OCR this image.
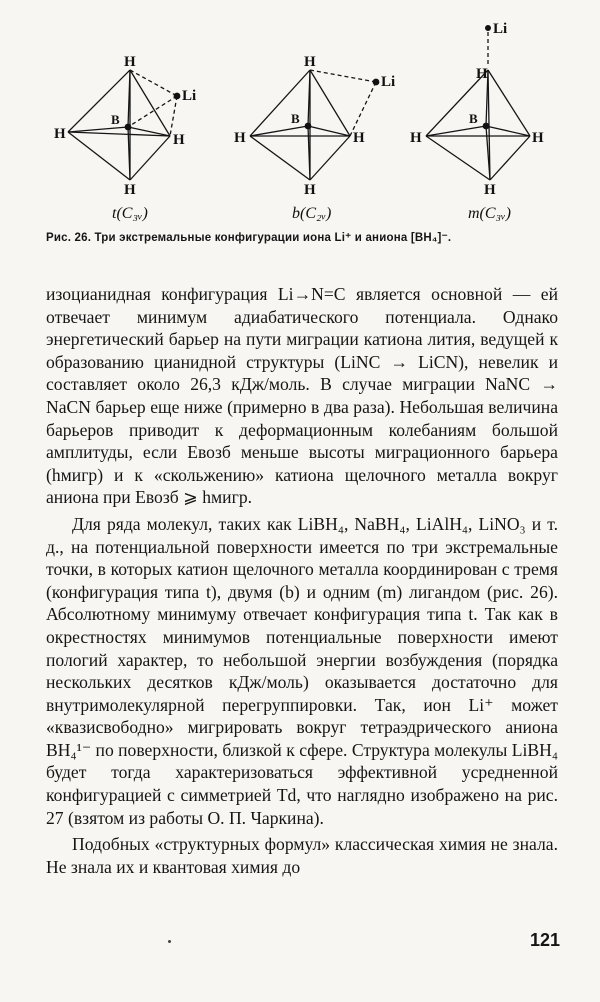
H
Li
B
H	H
H
t(C₃ᵥ)
H
Li
B
H	H
H
b(C₂ᵥ)
Li
H
B
H	H
H
m(C₃ᵥ)
Рис. 26. Три экстремальные конфигурации иона Li⁺ и аниона [BH₄]⁻.

изоцианидная конфигурация Li→N=C является основной — ей отвечает минимум адиабатического потенциала. Однако энергетический барьер на пути миграции катиона лития, ведущей к образованию цианидной структуры (LiNC → LiCN), невелик и составляет около 26,3 кДж/моль. В случае миграции NaNC → NaCN барьер еще ниже (примерно в два раза). Небольшая величина барьеров приводит к деформационным колебаниям большой амплитуды, если Eвозб меньше высоты миграционного барьера (hмигр) и к «скольжению» катиона щелочного металла вокруг аниона при Eвозб ⩾ hмигр.

Для ряда молекул, таких как LiBH₄, NaBH₄, LiAlH₄, LiNO₃ и т. д., на потенциальной поверхности имеется по три экстремальные точки, в которых катион щелочного металла координирован с тремя (конфигурация типа t), двумя (b) и одним (m) лигандом (рис. 26). Абсолютному минимуму отвечает конфигурация типа t. Так как в окрестностях минимумов потенциальные поверхности имеют пологий характер, то небольшой энергии возбуждения (порядка нескольких десятков кДж/моль) оказывается достаточно для внутримолекулярной перегруппировки. Так, ион Li⁺ может «квазисвободно» мигрировать вокруг тетраэдрического аниона BH₄¹⁻ по поверхности, близкой к сфере. Структура молекулы LiBH₄ будет тогда характеризоваться эффективной усредненной конфигурацией с симметрией Td, что наглядно изображено на рис. 27 (взятом из работы О. П. Чаркина).

Подобных «структурных формул» классическая химия не знала. Не знала их и квантовая химия до

121
